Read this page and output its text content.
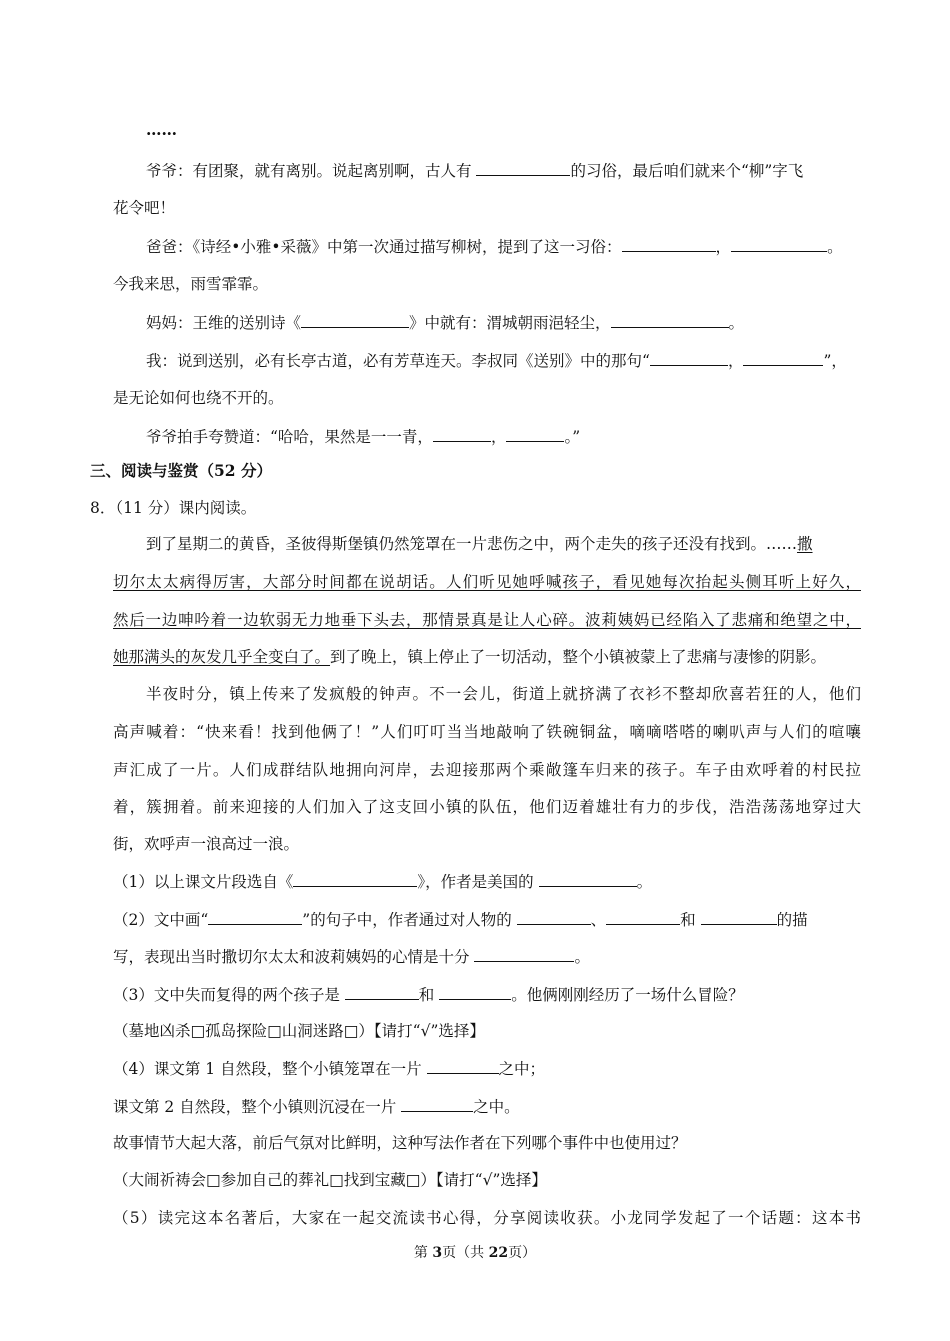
……
爷爷：有团聚，就有离别。说起离别啊，古人有	的习俗，最后咱们就来个“柳”字飞
花令吧！
爸爸：《诗经•小雅•采薇》中第一次通过描写柳树，提到了这一习俗：	，	。
今我来思，雨雪霏霏。
妈妈：王维的送别诗《	》中就有：渭城朝雨浥轻尘，	。
我：说到送别，必有长亭古道，必有芳草连天。李叔同《送别》中的那句“	，	”，
是无论如何也绕不开的。
爷爷拍手夸赞道：“哈哈，果然是一一青，	，	。”
三、阅读与鉴赏（52 分）
8．（11 分）课内阅读。
到了星期二的黄昏，圣彼得斯堡镇仍然笼罩在一片悲伤之中，两个走失的孩子还没有找到。……撒
切尔太太病得厉害，大部分时间都在说胡话。人们听见她呼喊孩子，看见她每次抬起头侧耳听上好久，
然后一边呻吟着一边软弱无力地垂下头去，那情景真是让人心碎。波莉姨妈已经陷入了悲痛和绝望之中，
她那满头的灰发几乎全变白了。到了晚上，镇上停止了一切活动，整个小镇被蒙上了悲痛与凄惨的阴影。
半夜时分，镇上传来了发疯般的钟声。不一会儿，街道上就挤满了衣衫不整却欣喜若狂的人，他们
高声喊着：“快来看！找到他俩了！”人们叮叮当当地敲响了铁碗铜盆，嘀嘀嗒嗒的喇叭声与人们的喧嚷
声汇成了一片。人们成群结队地拥向河岸，去迎接那两个乘敞篷车归来的孩子。车子由欢呼着的村民拉
着，簇拥着。前来迎接的人们加入了这支回小镇的队伍，他们迈着雄壮有力的步伐，浩浩荡荡地穿过大
街，欢呼声一浪高过一浪。
（1）以上课文片段选自《	》，作者是美国的	。
（2）文中画“	”的句子中，作者通过对人物的	、	和	的描
写，表现出当时撒切尔太太和波莉姨妈的心情是十分	。
（3）文中失而复得的两个孩子是	和	。他俩刚刚经历了一场什么冒险？
（墓地凶杀□孤岛探险□山洞迷路□）【请打“√”选择】
（4）课文第 1 自然段，整个小镇笼罩在一片	之中；
课文第 2 自然段，整个小镇则沉浸在一片	之中。
故事情节大起大落，前后气氛对比鲜明，这种写法作者在下列哪个事件中也使用过？
（大闹祈祷会□参加自己的葬礼□找到宝藏□）【请打“√”选择】
（5）读完这本名著后，大家在一起交流读书心得，分享阅读收获。小龙同学发起了一个话题：这本书
第 3页（共 22页）
